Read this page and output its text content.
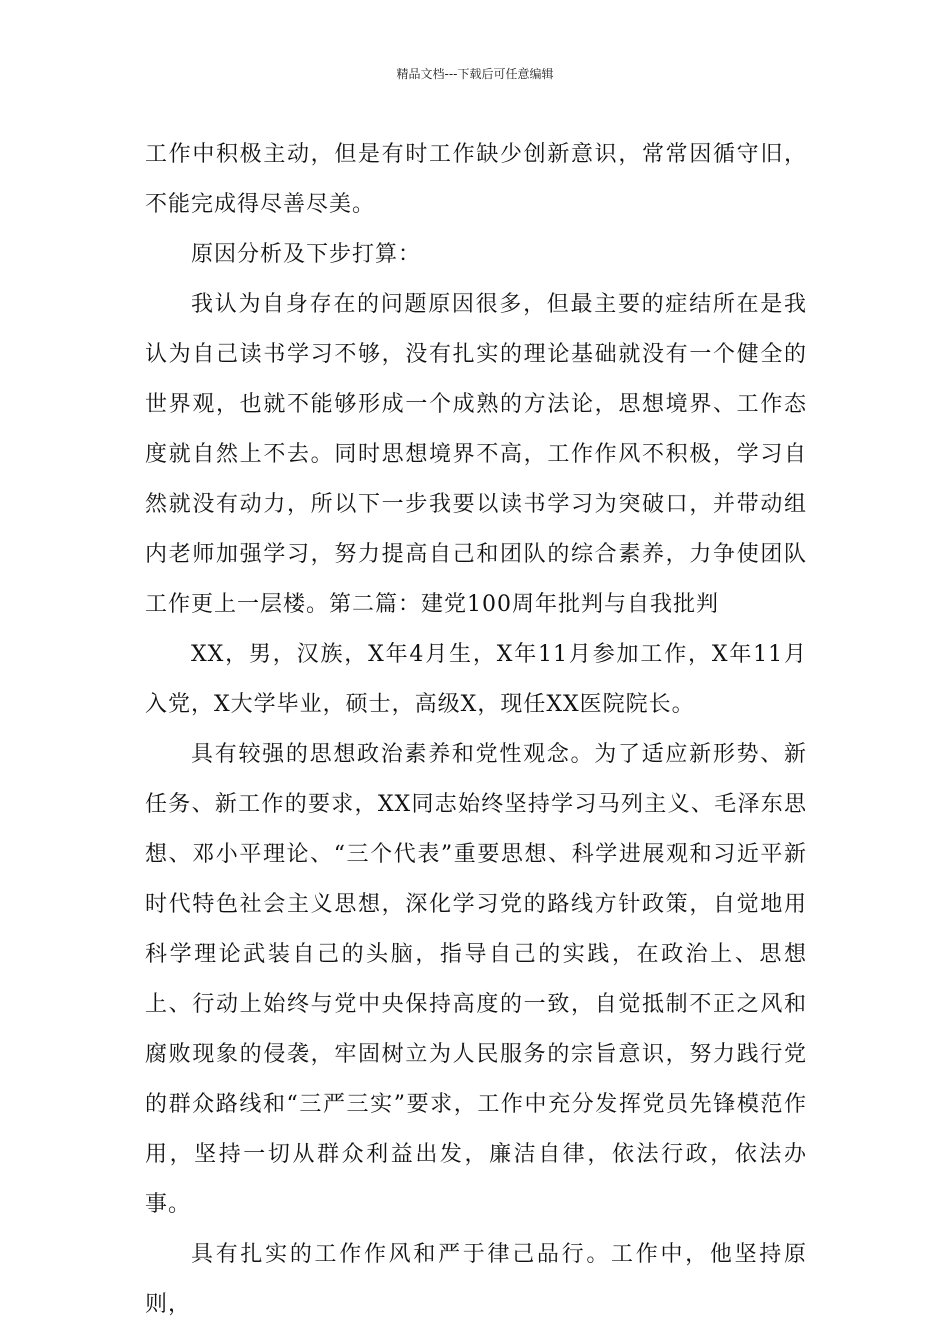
精品文档---下载后可任意编辑

工作中积极主动，但是有时工作缺少创新意识，常常因循守旧，不能完成得尽善尽美。

原因分析及下步打算：

我认为自身存在的问题原因很多，但最主要的症结所在是我认为自己读书学习不够，没有扎实的理论基础就没有一个健全的世界观，也就不能够形成一个成熟的方法论，思想境界、工作态度就自然上不去。同时思想境界不高，工作作风不积极，学习自然就没有动力，所以下一步我要以读书学习为突破口，并带动组内老师加强学习，努力提高自己和团队的综合素养，力争使团队工作更上一层楼。第二篇：建党100周年批判与自我批判

XX，男，汉族，X年4月生，X年11月参加工作，X年11月入党，X大学毕业，硕士，高级X，现任XX医院院长。

具有较强的思想政治素养和党性观念。为了适应新形势、新任务、新工作的要求，XX同志始终坚持学习马列主义、毛泽东思想、邓小平理论、“三个代表”重要思想、科学进展观和习近平新时代特色社会主义思想，深化学习党的路线方针政策，自觉地用科学理论武装自己的头脑，指导自己的实践，在政治上、思想上、行动上始终与党中央保持高度的一致，自觉抵制不正之风和腐败现象的侵袭，牢固树立为人民服务的宗旨意识，努力践行党的群众路线和“三严三实”要求，工作中充分发挥党员先锋模范作用，坚持一切从群众利益出发，廉洁自律，依法行政，依法办事。

具有扎实的工作作风和严于律己品行。工作中，他坚持原则，
